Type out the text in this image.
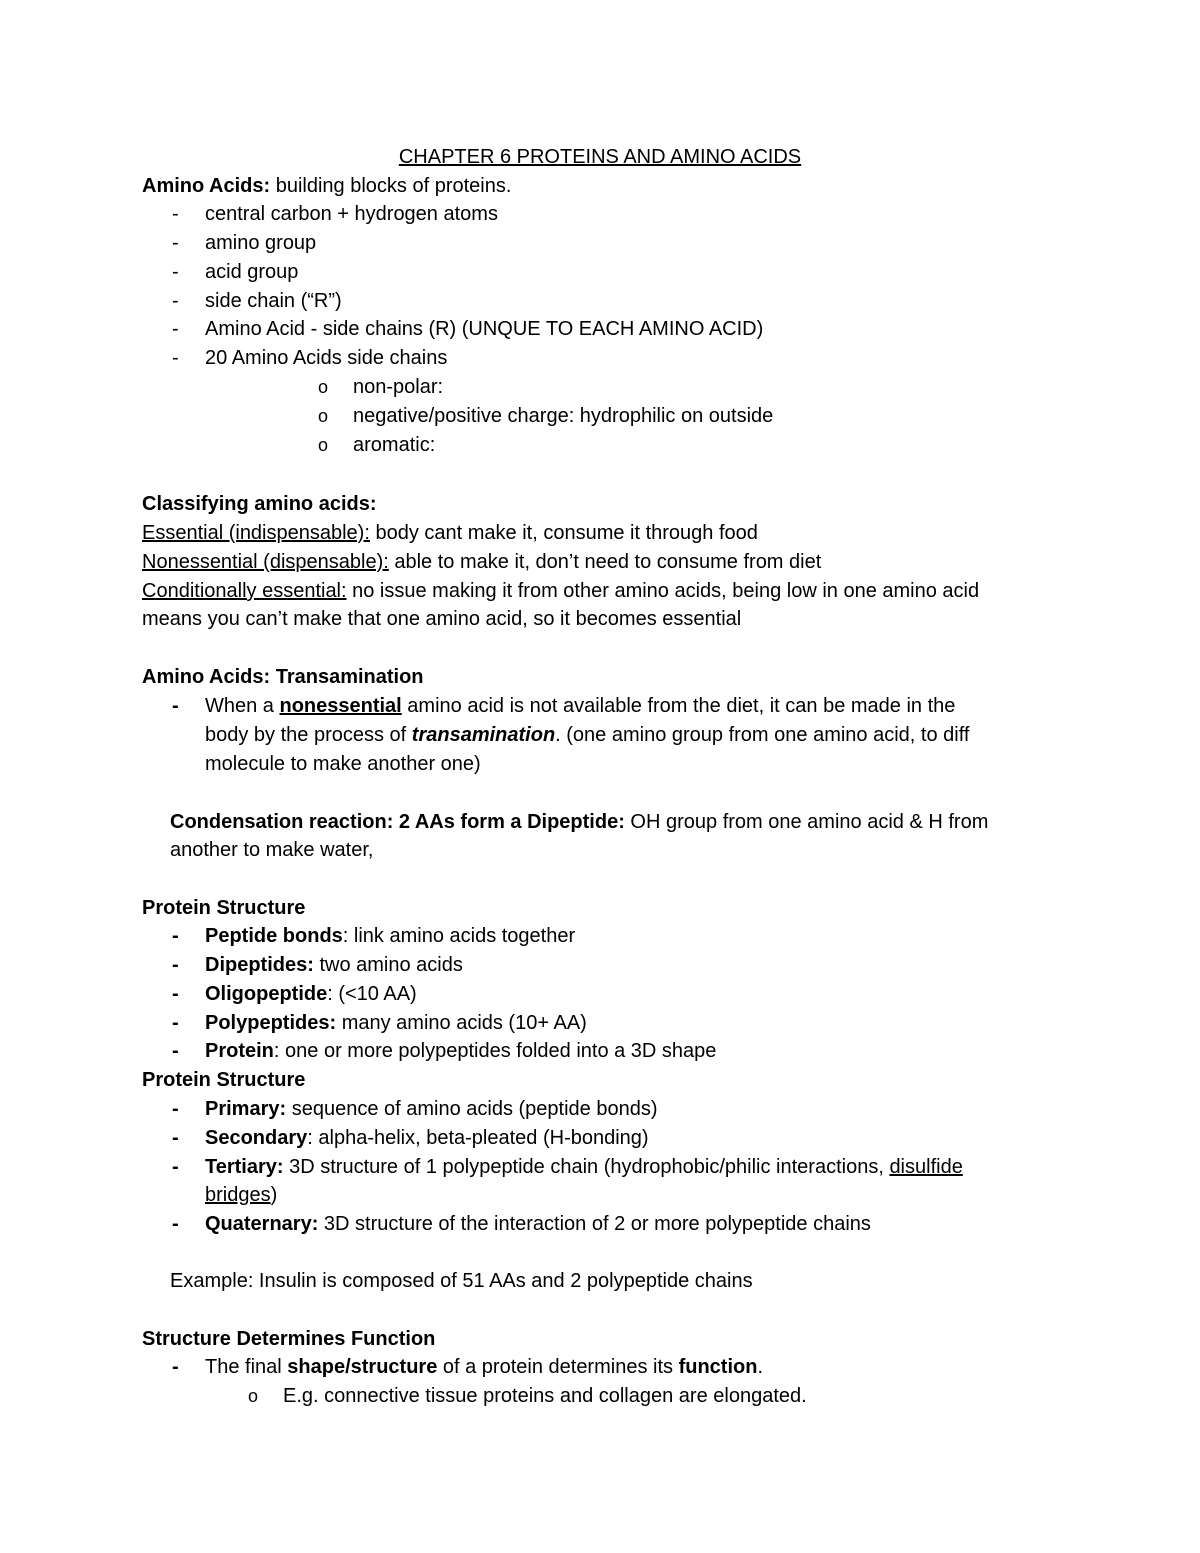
CHAPTER 6 PROTEINS AND AMINO ACIDS
Amino Acids: building blocks of proteins.
- central carbon + hydrogen atoms
- amino group
- acid group
- side chain (“R”)
- Amino Acid - side chains (R) (UNQUE TO EACH AMINO ACID)
- 20 Amino Acids side chains
o non-polar:
o negative/positive charge: hydrophilic on outside
o aromatic:
Classifying amino acids:
Essential (indispensable): body cant make it, consume it through food
Nonessential (dispensable): able to make it, don’t need to consume from diet
Conditionally essential: no issue making it from other amino acids, being low in one amino acid
means you can’t make that one amino acid, so it becomes essential
Amino Acids: Transamination
- When a nonessential amino acid is not available from the diet, it can be made in the
body by the process of transamination. (one amino group from one amino acid, to diff
molecule to make another one)
Condensation reaction: 2 AAs form a Dipeptide: OH group from one amino acid & H from
another to make water,
Protein Structure
- Peptide bonds: link amino acids together
- Dipeptides: two amino acids
- Oligopeptide: (<10 AA)
- Polypeptides: many amino acids (10+ AA)
- Protein: one or more polypeptides folded into a 3D shape
Protein Structure
- Primary: sequence of amino acids (peptide bonds)
- Secondary: alpha-helix, beta-pleated (H-bonding)
- Tertiary: 3D structure of 1 polypeptide chain (hydrophobic/philic interactions, disulfide
bridges)
- Quaternary: 3D structure of the interaction of 2 or more polypeptide chains
Example: Insulin is composed of 51 AAs and 2 polypeptide chains
Structure Determines Function
- The final shape/structure of a protein determines its function.
o E.g. connective tissue proteins and collagen are elongated.
